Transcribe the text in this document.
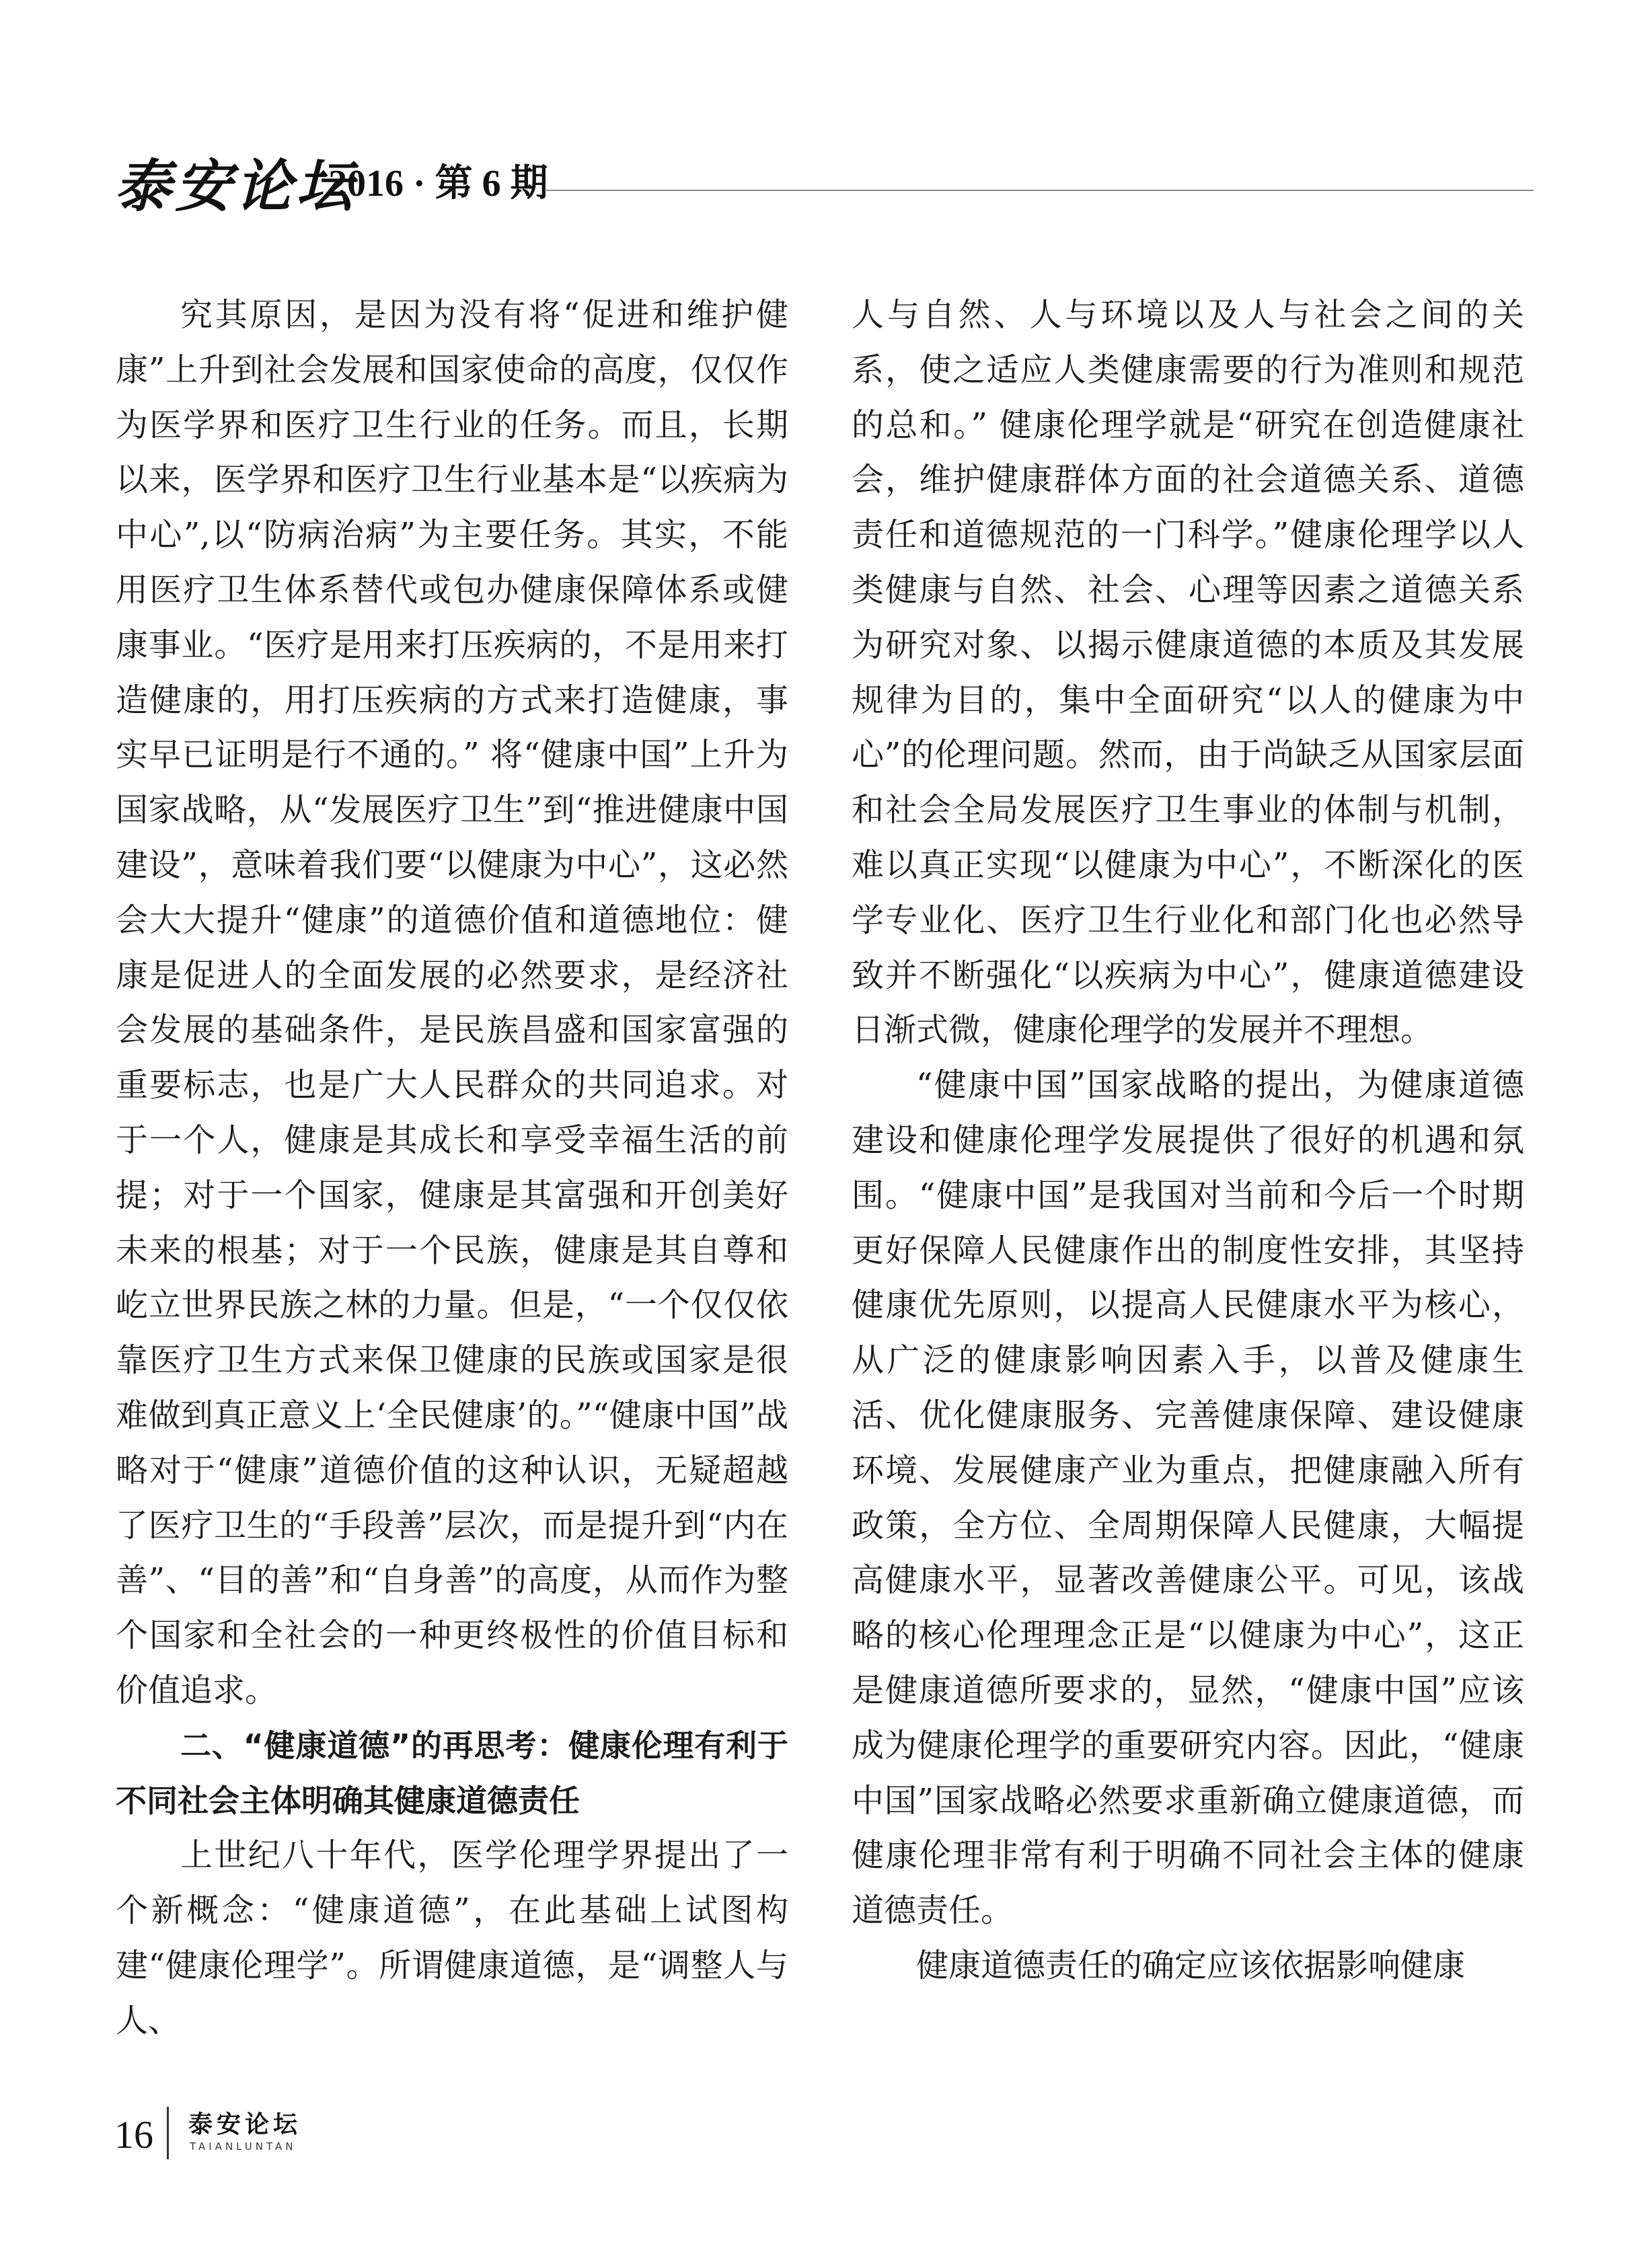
泰安论坛
2016 · 第 6 期

究其原因，是因为没有将“促进和维护健康”上升到社会发展和国家使命的高度，仅仅作为医学界和医疗卫生行业的任务。而且，长期以来，医学界和医疗卫生行业基本是“以疾病为中心”,以“防病治病”为主要任务。其实，不能用医疗卫生体系替代或包办健康保障体系或健康事业。“医疗是用来打压疾病的，不是用来打造健康的，用打压疾病的方式来打造健康，事实早已证明是行不通的。” 将“健康中国”上升为国家战略，从“发展医疗卫生”到“推进健康中国建设”，意味着我们要“以健康为中心”，这必然会大大提升“健康”的道德价值和道德地位：健康是促进人的全面发展的必然要求，是经济社会发展的基础条件，是民族昌盛和国家富强的重要标志，也是广大人民群众的共同追求。对于一个人，健康是其成长和享受幸福生活的前提；对于一个国家，健康是其富强和开创美好未来的根基；对于一个民族，健康是其自尊和屹立世界民族之林的力量。但是，“一个仅仅依靠医疗卫生方式来保卫健康的民族或国家是很难做到真正意义上‘全民健康’的。”“健康中国”战略对于“健康”道德价值的这种认识，无疑超越了医疗卫生的“手段善”层次，而是提升到“内在善”、“目的善”和“自身善”的高度，从而作为整个国家和全社会的一种更终极性的价值目标和价值追求。

二、“健康道德”的再思考：健康伦理有利于不同社会主体明确其健康道德责任

上世纪八十年代，医学伦理学界提出了一个新概念：“健康道德”，在此基础上试图构建“健康伦理学”。所谓健康道德，是“调整人与人、

人与自然、人与环境以及人与社会之间的关系，使之适应人类健康需要的行为准则和规范的总和。” 健康伦理学就是“研究在创造健康社会，维护健康群体方面的社会道德关系、道德责任和道德规范的一门科学。”健康伦理学以人类健康与自然、社会、心理等因素之道德关系为研究对象、以揭示健康道德的本质及其发展规律为目的，集中全面研究“以人的健康为中心”的伦理问题。然而，由于尚缺乏从国家层面和社会全局发展医疗卫生事业的体制与机制，难以真正实现“以健康为中心”，不断深化的医学专业化、医疗卫生行业化和部门化也必然导致并不断强化“以疾病为中心”，健康道德建设日渐式微，健康伦理学的发展并不理想。

“健康中国”国家战略的提出，为健康道德建设和健康伦理学发展提供了很好的机遇和氛围。“健康中国”是我国对当前和今后一个时期更好保障人民健康作出的制度性安排，其坚持健康优先原则，以提高人民健康水平为核心，从广泛的健康影响因素入手，以普及健康生活、优化健康服务、完善健康保障、建设健康环境、发展健康产业为重点，把健康融入所有政策，全方位、全周期保障人民健康，大幅提高健康水平，显著改善健康公平。可见，该战略的核心伦理理念正是“以健康为中心”，这正是健康道德所要求的，显然，“健康中国”应该成为健康伦理学的重要研究内容。因此，“健康中国”国家战略必然要求重新确立健康道德，而健康伦理非常有利于明确不同社会主体的健康道德责任。

健康道德责任的确定应该依据影响健康

16 泰安论坛
TAIANLUNTAN
